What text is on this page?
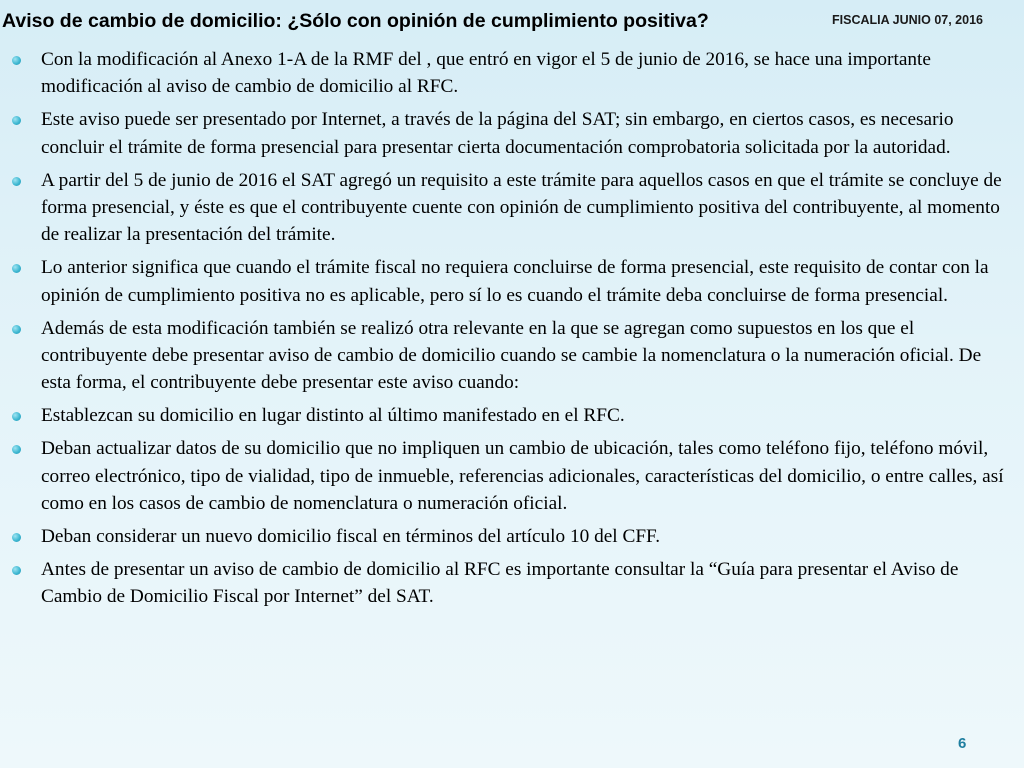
Aviso de cambio de domicilio: ¿Sólo con opinión de cumplimiento positiva?	FISCALIA JUNIO 07, 2016
Con la modificación al Anexo 1-A de la RMF del , que entró en vigor el 5 de junio de 2016, se hace una importante modificación al aviso de cambio de domicilio al RFC.
Este aviso puede ser presentado por Internet, a través de la página del SAT; sin embargo, en ciertos casos, es necesario concluir el trámite de forma presencial para presentar cierta documentación comprobatoria solicitada por la autoridad.
A partir del 5 de junio de 2016 el SAT agregó un requisito a este trámite para aquellos casos en que el trámite se concluye de forma presencial, y éste es que el contribuyente cuente con opinión de cumplimiento positiva del contribuyente, al momento de realizar la presentación del trámite.
Lo anterior significa que cuando el trámite fiscal no requiera concluirse de forma presencial, este requisito de contar con la opinión de cumplimiento positiva no es aplicable, pero sí lo es cuando el trámite deba concluirse de forma presencial.
Además de esta modificación también se realizó otra relevante en la que se agregan como supuestos en los que el contribuyente debe presentar aviso de cambio de domicilio cuando se cambie la nomenclatura o la numeración oficial. De esta forma, el contribuyente debe presentar este aviso cuando:
Establezcan su domicilio en lugar distinto al último manifestado en el RFC.
Deban actualizar datos de su domicilio que no impliquen un cambio de ubicación, tales como teléfono fijo, teléfono móvil, correo electrónico, tipo de vialidad, tipo de inmueble, referencias adicionales, características del domicilio, o entre calles, así como en los casos de cambio de nomenclatura o numeración oficial.
Deban considerar un nuevo domicilio fiscal en términos del artículo 10 del CFF.
Antes de presentar un aviso de cambio de domicilio al RFC es importante consultar la “Guía para presentar el Aviso de Cambio de Domicilio Fiscal por Internet” del SAT.
6
